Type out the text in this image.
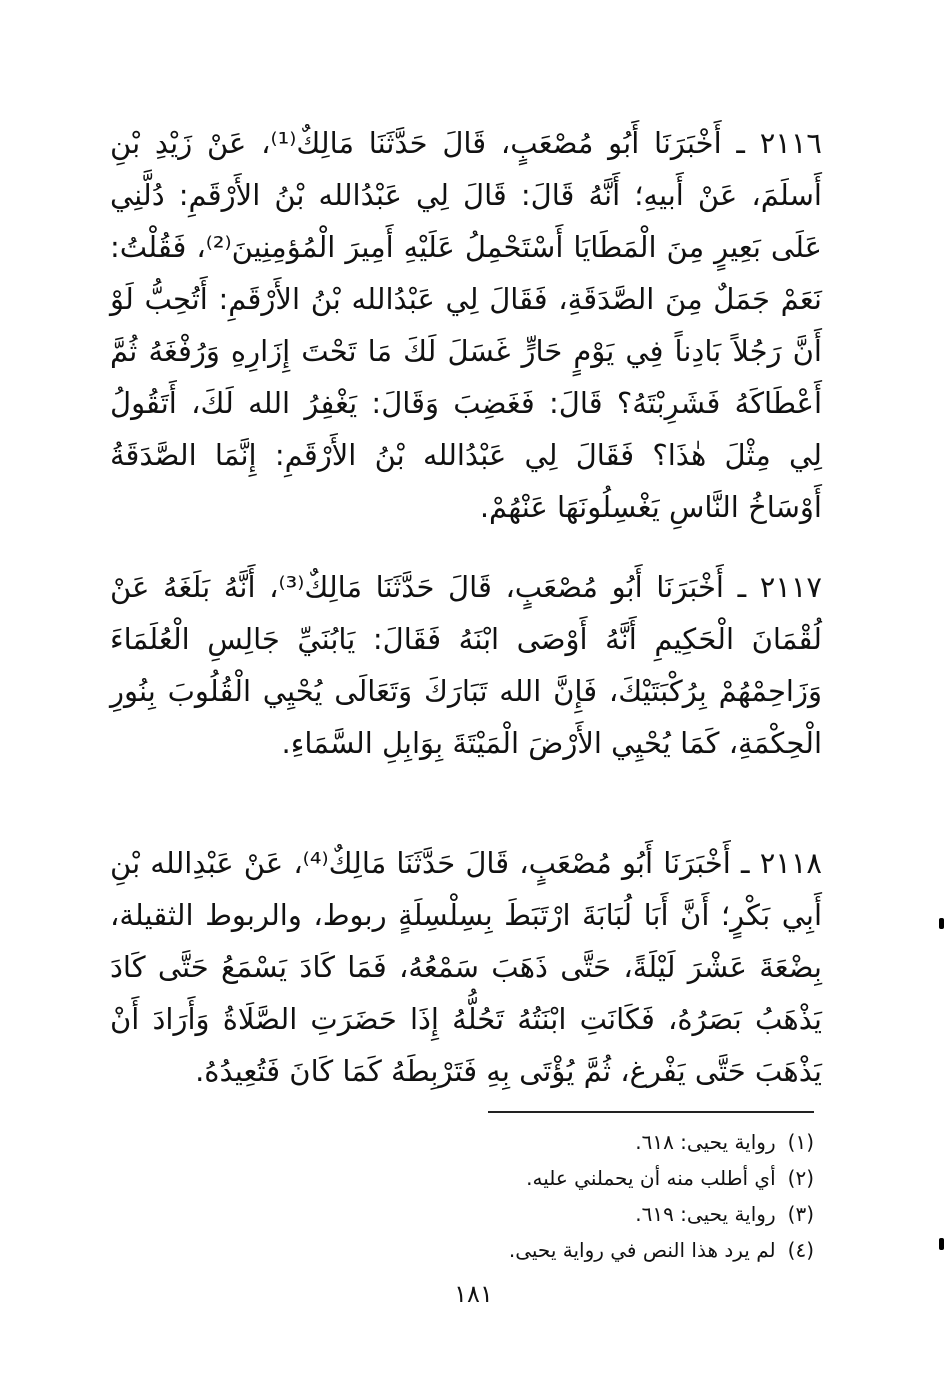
٢١١٦ ـ أَخْبَرَنَا أَبُو مُصْعَبٍ، قَالَ حَدَّثَنَا مَالِكٌ⁽¹⁾، عَنْ زَيْدِ بْنِ أَسلَمَ، عَنْ أَبيهِ؛ أَنَّهُ قَالَ: قَالَ لِي عَبْدُالله بْنُ الأَرْقَمِ: دُلَّنِي عَلَى بَعِيرٍ مِنَ الْمَطَايَا أَسْتَحْمِلُ عَلَيْهِ أَمِيرَ الْمُؤمِنِينَ⁽²⁾، فَقُلْتُ: نَعَمْ جَمَلٌ مِنَ الصَّدَقَةِ، فَقَالَ لِي عَبْدُالله بْنُ الأَرْقَمِ: أَتُحِبُّ لَوْ أَنَّ رَجُلاً بَادِناً فِي يَوْمٍ حَارٍّ غَسَلَ لَكَ مَا تَحْتَ إِزَارِهِ وَرُفْغَهُ ثُمَّ أَعْطَاكَهُ فَشَرِبْتَهُ؟ قَالَ: فَغَضِبَ وَقَالَ: يَغْفِرُ الله لَكَ، أَتَقُولُ لِي مِثْلَ هٰذَا؟ فَقَالَ لِي عَبْدُالله بْنُ الأَرْقَمِ: إِنَّمَا الصَّدَقَةُ أَوْسَاخُ النَّاسِ يَغْسِلُونَهَا عَنْهُمْ.

٢١١٧ ـ أَخْبَرَنَا أَبُو مُصْعَبٍ، قَالَ حَدَّثَنَا مَالِكٌ⁽³⁾، أَنَّهُ بَلَغَهُ عَنْ لُقْمَانَ الْحَكِيمِ أَنَّهُ أَوْصَى ابْنَهُ فَقَالَ: يَابُنَيِّ جَالِسِ الْعُلَمَاءَ وَزَاحِمْهُمْ بِرُكْبَتَيْكَ، فَإِنَّ الله تَبَارَكَ وَتَعَالَى يُحْيِي الْقُلُوبَ بِنُورِ الْحِكْمَةِ، كَمَا يُحْيِي الأَرْضَ الْمَيْتَةَ بِوَابِلِ السَّمَاءِ.

٢١١٨ ـ أَخْبَرَنَا أَبُو مُصْعَبٍ، قَالَ حَدَّثَنَا مَالِكٌ⁽⁴⁾، عَنْ عَبْدِالله بْنِ أَبِي بَكْرٍ؛ أَنَّ أَبَا لُبَابَةَ ارْتَبَطَ بِسِلْسِلَةٍ ربوط، والربوط الثقيلة، بِضْعَةَ عَشْرَ لَيْلَةً، حَتَّى ذَهَبَ سَمْعُهُ، فَمَا كَادَ يَسْمَعُ حَتَّى كَادَ يَذْهَبُ بَصَرُهُ، فَكَانَتِ ابْنَتُهُ تَحُلُّهُ إِذَا حَضَرَتِ الصَّلَاةُ وَأَرَادَ أَنْ يَذْهَبَ حَتَّى يَفْرغ، ثُمَّ يُؤْتَى بِهِ فَتَرْبِطَهُ كَمَا كَانَ فَتُعِيدُهُ.

(١)رواية يحيى: ٦١٨.
(٢)أي أطلب منه أن يحملني عليه.
(٣)رواية يحيى: ٦١٩.
(٤)لم يرد هذا النص في رواية يحيى.
١٨١
